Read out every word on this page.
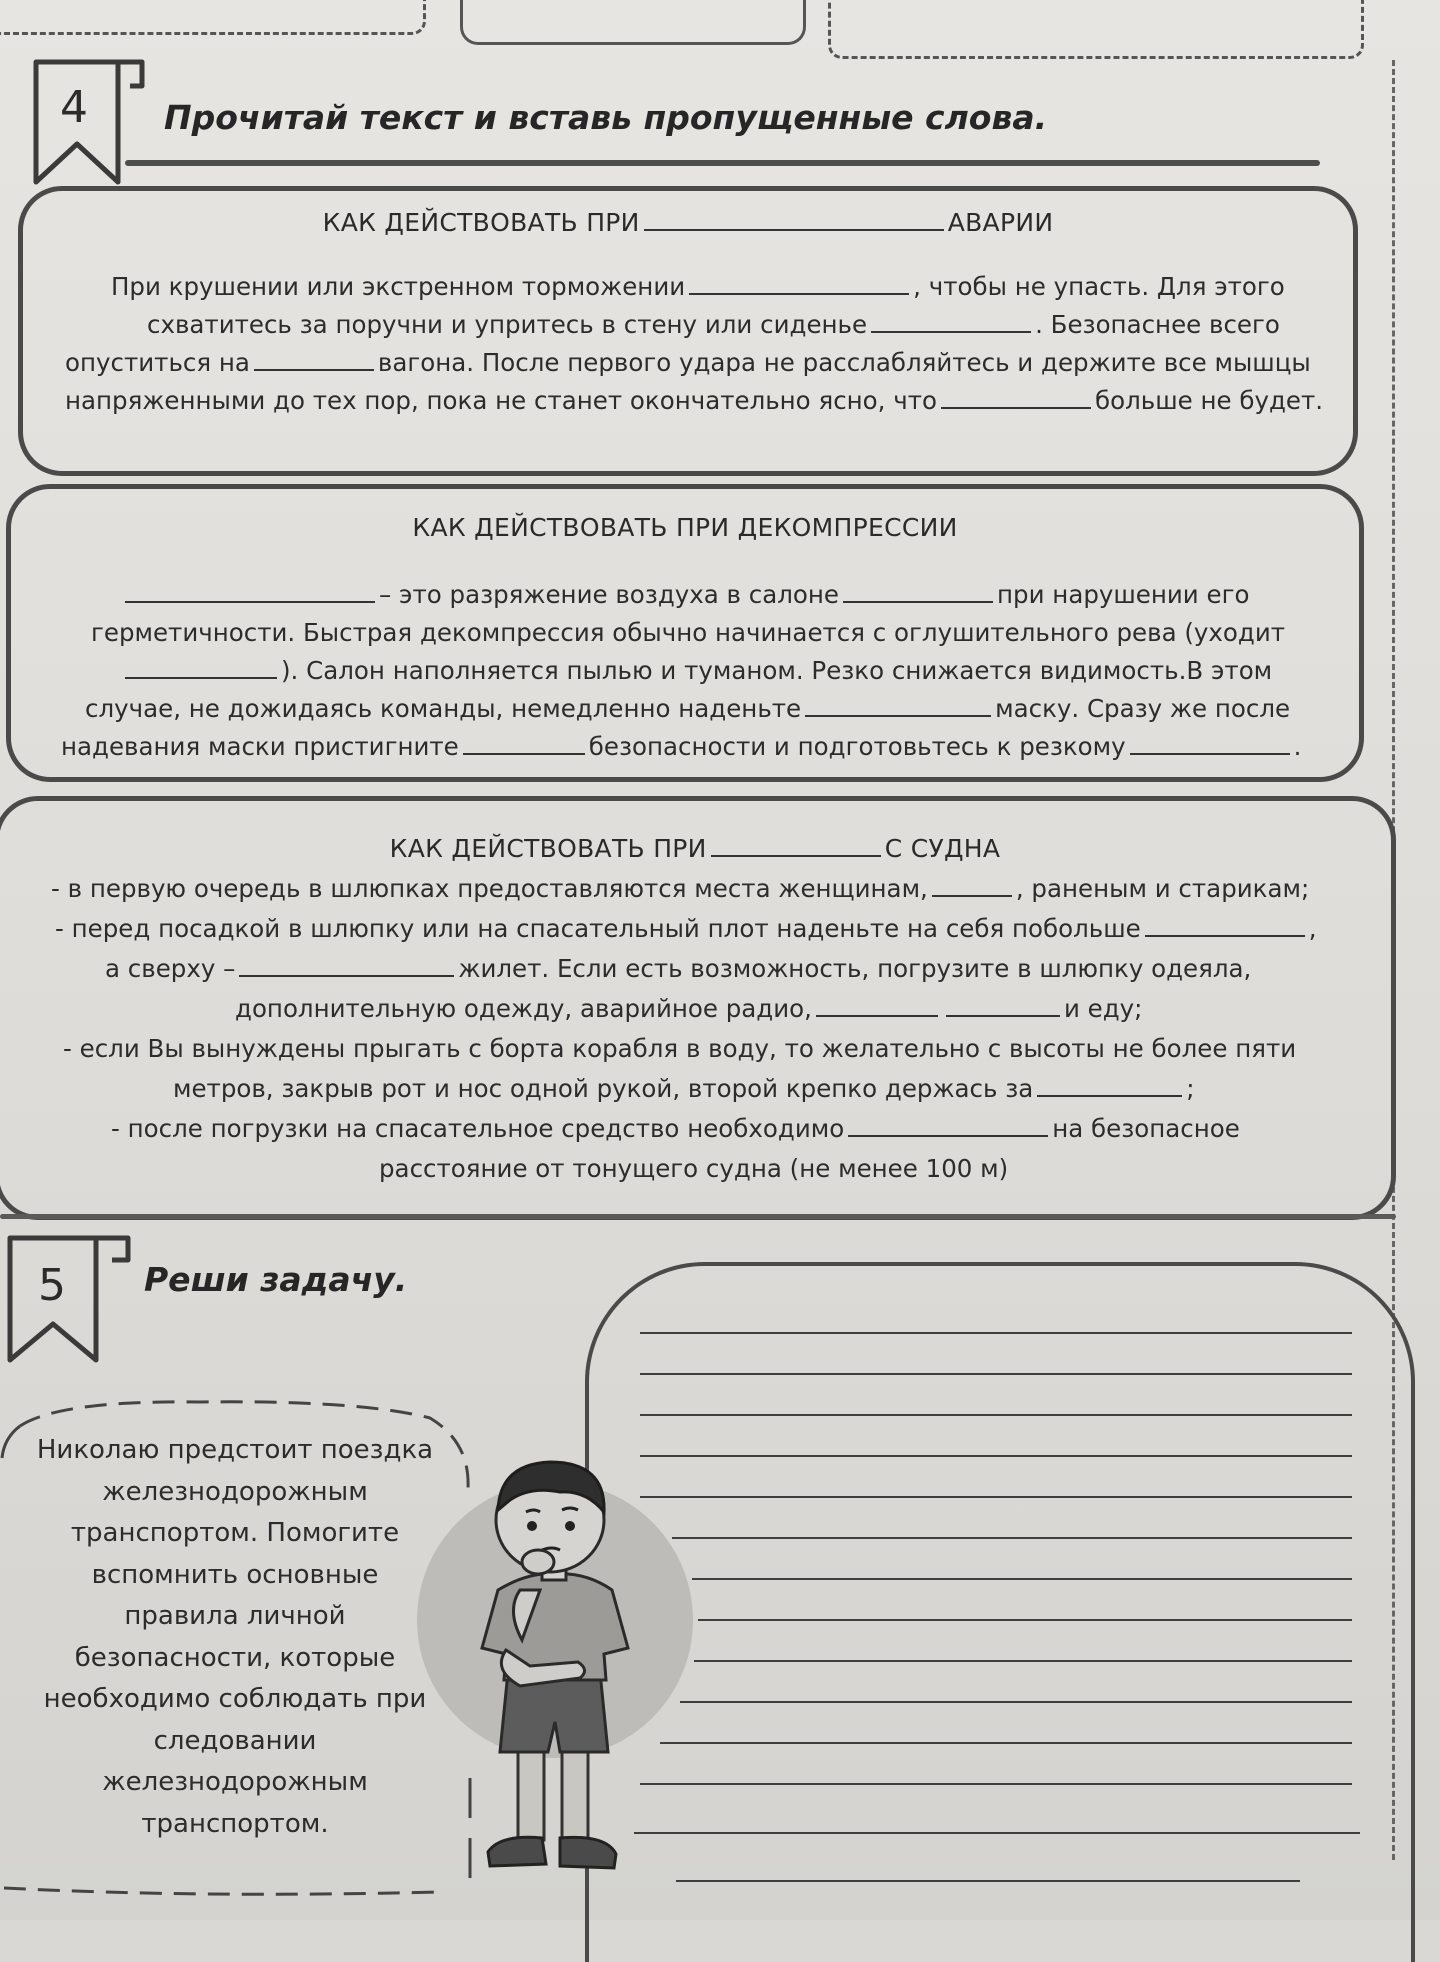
4 Прочитай текст и вставь пропущенные слова.
КАК ДЕЙСТВОВАТЬ ПРИ	АВАРИИ
При крушении или экстренном торможении	, чтобы не упасть. Для этого
схватитесь за поручни и упритесь в стену или сиденье	. Безопаснее всего
опуститься на	вагона. После первого удара не расслабляйтесь и держите все мышцы
напряженными до тех пор, пока не станет окончательно ясно, что	больше не будет.
КАК ДЕЙСТВОВАТЬ ПРИ ДЕКОМПРЕССИИ
– это разряжение воздуха в салоне	при нарушении его
герметичности. Быстрая декомпрессия обычно начинается с оглушительного рева (уходит
). Салон наполняется пылью и туманом. Резко снижается видимость.В этом
случае, не дожидаясь команды, немедленно наденьте	маску. Сразу же после
надевания маски пристигните	безопасности и подготовьтесь к резкому	.
КАК ДЕЙСТВОВАТЬ ПРИ	С СУДНА
- в первую очередь в шлюпках предоставляются места женщинам,	, раненым и старикам;
- перед посадкой в шлюпку или на спасательный плот наденьте на себя побольше	,
а сверху –	жилет. Если есть возможность, погрузите в шлюпку одеяла,
дополнительную одежду, аварийное радио,	и еду;
- если Вы вынуждены прыгать с борта корабля в воду, то желательно с высоты не более пяти
метров, закрыв рот и нос одной рукой, второй крепко держась за	;
- после погрузки на спасательное средство необходимо	на безопасное
расстояние от тонущего судна (не менее 100 м)
5 Реши задачу.
Николаю предстоит поездка
железнодорожным
транспортом. Помогите
вспомнить основные
правила личной
безопасности, которые
необходимо соблюдать при
следовании
железнодорожным
транспортом.
